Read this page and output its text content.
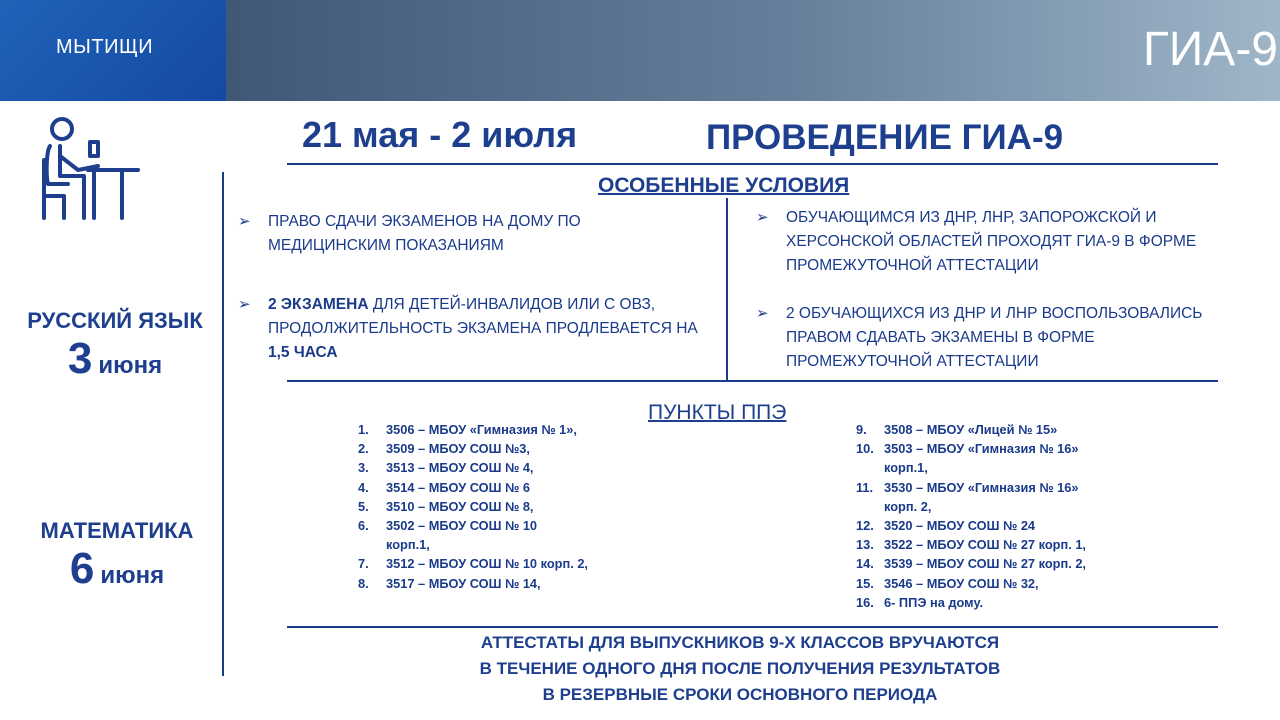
МЫТИЩИ	ГИА-9
21 мая - 2 июля	ПРОВЕДЕНИЕ ГИА-9
РУССКИЙ ЯЗЫК
3 июня
МАТЕМАТИКА
6 июня
ОСОБЕННЫЕ УСЛОВИЯ
➢ ПРАВО СДАЧИ ЭКЗАМЕНОВ НА ДОМУ ПО МЕДИЦИНСКИМ ПОКАЗАНИЯМ
➢ 2 ЭКЗАМЕНА ДЛЯ ДЕТЕЙ-ИНВАЛИДОВ ИЛИ С ОВЗ, ПРОДОЛЖИТЕЛЬНОСТЬ ЭКЗАМЕНА ПРОДЛЕВАЕТСЯ НА 1,5 ЧАСА
➢ ОБУЧАЮЩИМСЯ ИЗ ДНР, ЛНР, ЗАПОРОЖСКОЙ И ХЕРСОНСКОЙ ОБЛАСТЕЙ ПРОХОДЯТ ГИА-9 В ФОРМЕ ПРОМЕЖУТОЧНОЙ АТТЕСТАЦИИ
➢ 2 ОБУЧАЮЩИХСЯ ИЗ ДНР И ЛНР ВОСПОЛЬЗОВАЛИСЬ ПРАВОМ СДАВАТЬ ЭКЗАМЕНЫ В ФОРМЕ ПРОМЕЖУТОЧНОЙ АТТЕСТАЦИИ
ПУНКТЫ ППЭ
1.	3506 – МБОУ «Гимназия № 1»,
2.	3509 – МБОУ СОШ №3,
3.	3513 – МБОУ СОШ № 4,
4.	3514 – МБОУ СОШ № 6
5.	3510 – МБОУ СОШ № 8,
6.	3502 – МБОУ СОШ № 10 корп.1,
7.	3512 – МБОУ СОШ № 10 корп. 2,
8.	3517 – МБОУ СОШ № 14,
9.	3508 – МБОУ «Лицей № 15»
10. 3503 – МБОУ «Гимназия № 16» корп.1,
11. 3530 – МБОУ «Гимназия № 16» корп. 2,
12. 3520 – МБОУ СОШ № 24
13. 3522 – МБОУ СОШ № 27 корп. 1,
14. 3539 – МБОУ СОШ № 27 корп. 2,
15. 3546 – МБОУ СОШ № 32,
16. 6- ППЭ на дому.
АТТЕСТАТЫ ДЛЯ ВЫПУСКНИКОВ 9-Х КЛАССОВ ВРУЧАЮТСЯ
В ТЕЧЕНИЕ ОДНОГО ДНЯ ПОСЛЕ ПОЛУЧЕНИЯ РЕЗУЛЬТАТОВ
В РЕЗЕРВНЫЕ СРОКИ ОСНОВНОГО ПЕРИОДА
